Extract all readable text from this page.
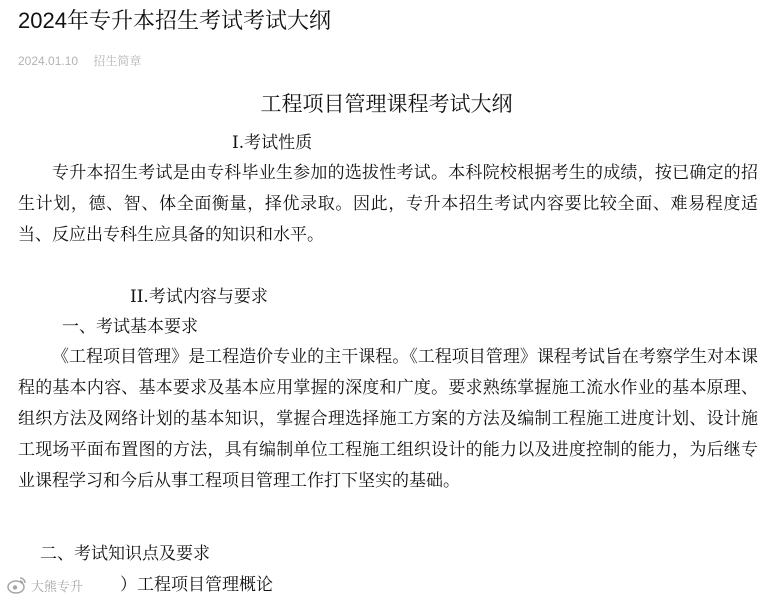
2024年专升本招生考试考试大纲
2024.01.10 招生简章
工程项目管理课程考试大纲
I.考试性质

专升本招生考试是由专科毕业生参加的选拔性考试。本科院校根据考生的成绩，按已确定的招生计划，德、智、体全面衡量，择优录取。因此，专升本招生考试内容要比较全面、难易程度适当、反应出专科生应具备的知识和水平。

II.考试内容与要求
一、考试基本要求

《工程项目管理》是工程造价专业的主干课程。《工程项目管理》课程考试旨在考察学生对本课程的基本内容、基本要求及基本应用掌握的深度和广度。要求熟练掌握施工流水作业的基本原理、组织方法及网络计划的基本知识，掌握合理选择施工方案的方法及编制工程施工进度计划、设计施工现场平面布置图的方法，具有编制单位工程施工组织设计的能力以及进度控制的能力，为后继专业课程学习和今后从事工程项目管理工作打下坚实的基础。

二、考试知识点及要求
）工程项目管理概论
大熊专升
